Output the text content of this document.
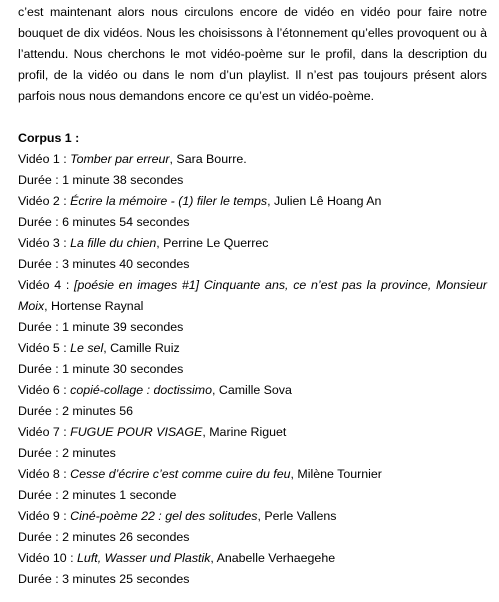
c’est maintenant alors nous circulons encore de vidéo en vidéo pour faire notre
bouquet de dix vidéos. Nous les choisissons à l’étonnement qu’elles provoquent ou à
l’attendu. Nous cherchons le mot vidéo-poème sur le profil, dans la description du
profil, de la vidéo ou dans le nom d’un playlist. Il n’est pas toujours présent alors
parfois nous nous demandons encore ce qu’est un vidéo-poème.

Corpus 1 :
Vidéo 1 : Tomber par erreur, Sara Bourre.
Durée : 1 minute 38 secondes
Vidéo 2 : Écrire la mémoire - (1) filer le temps, Julien Lê Hoang An
Durée : 6 minutes 54 secondes
Vidéo 3 : La fille du chien, Perrine Le Querrec
Durée : 3 minutes 40 secondes
Vidéo 4 : [poésie en images #1] Cinquante ans, ce n’est pas la province, Monsieur Moix, Hortense Raynal
Durée : 1 minute 39 secondes
Vidéo 5 : Le sel, Camille Ruiz
Durée : 1 minute 30 secondes
Vidéo 6 : copié-collage : doctissimo, Camille Sova
Durée : 2 minutes 56
Vidéo 7 : FUGUE POUR VISAGE, Marine Riguet
Durée : 2 minutes
Vidéo 8 : Cesse d’écrire c’est comme cuire du feu, Milène Tournier
Durée : 2 minutes 1 seconde
Vidéo 9 : Ciné-poème 22 : gel des solitudes, Perle Vallens
Durée : 2 minutes 26 secondes
Vidéo 10 : Luft, Wasser und Plastik, Anabelle Verhaegehe
Durée : 3 minutes 25 secondes
